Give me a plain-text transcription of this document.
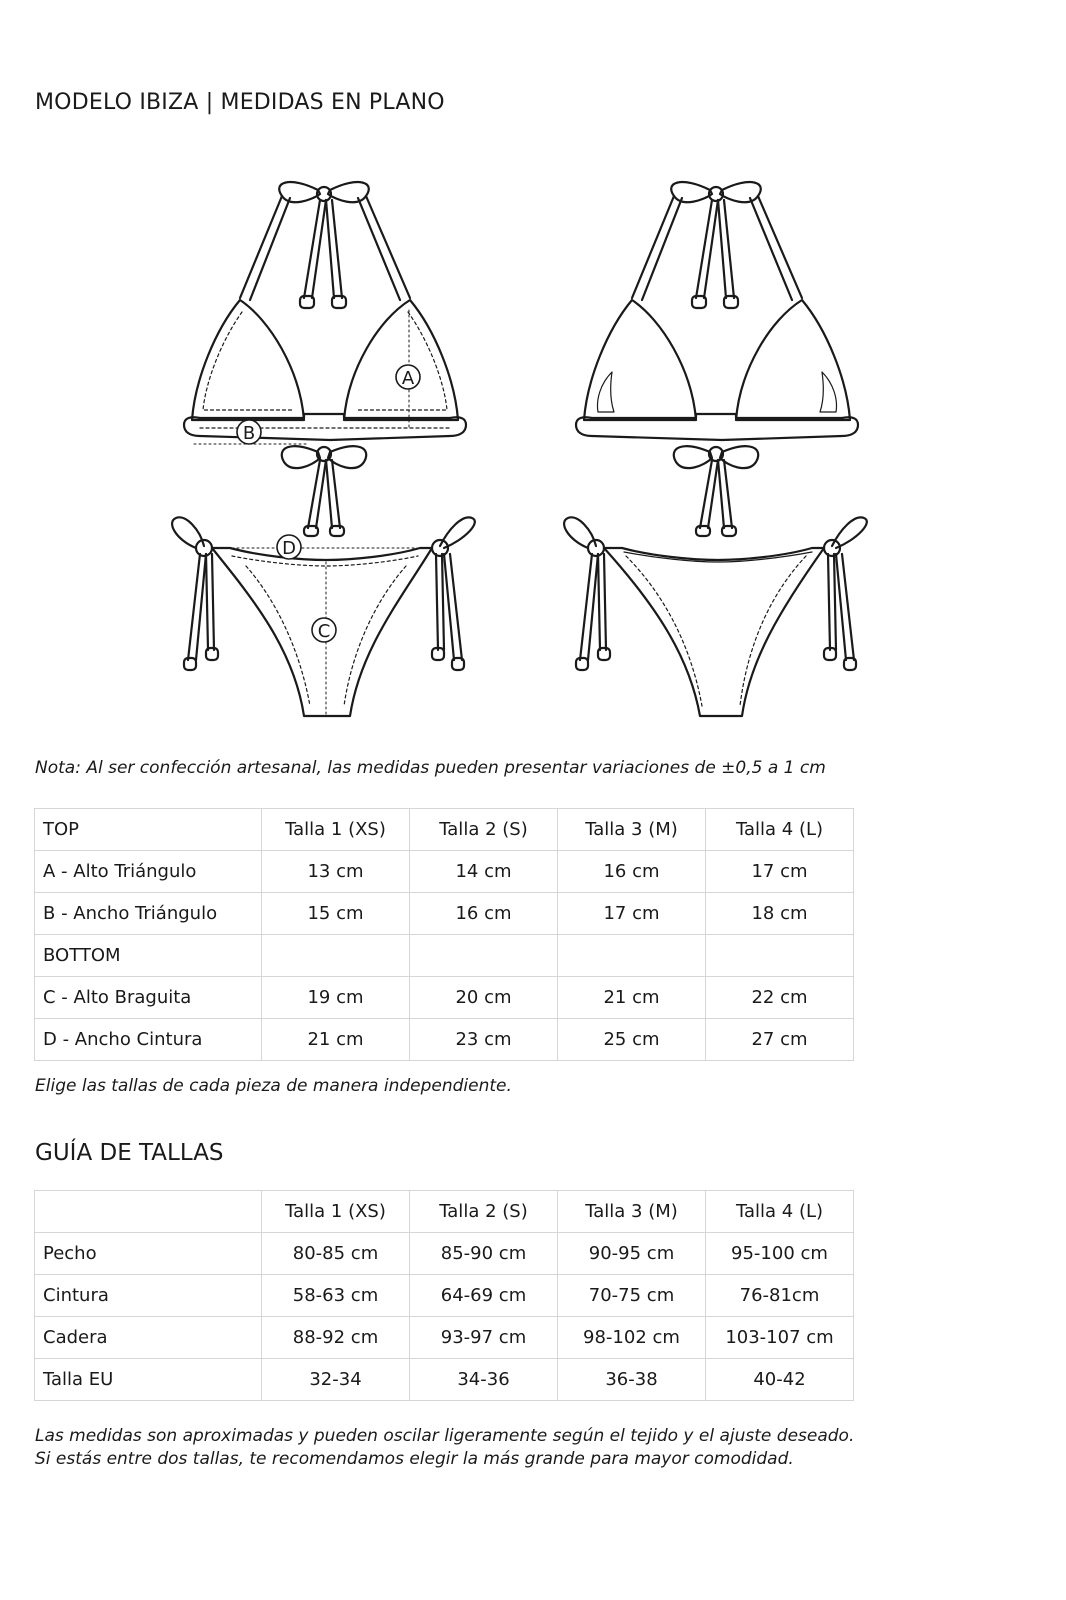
MODELO IBIZA | MEDIDAS EN PLANO
A
B
D
C
Nota: Al ser confección artesanal, las medidas pueden presentar variaciones de ±0,5 a 1 cm
TOP	Talla 1 (XS)	Talla 2 (S)	Talla 3 (M)	Talla 4 (L)
A - Alto Triángulo	13 cm	14 cm	16 cm	17 cm
B - Ancho Triángulo	15 cm	16 cm	17 cm	18 cm
BOTTOM				
C - Alto Braguita	19 cm	20 cm	21 cm	22 cm
D - Ancho Cintura	21 cm	23 cm	25 cm	27 cm
Elige las tallas de cada pieza de manera independiente.
GUÍA DE TALLAS
	Talla 1 (XS)	Talla 2 (S)	Talla 3 (M)	Talla 4 (L)
Pecho	80-85 cm	85-90 cm	90-95 cm	95-100 cm
Cintura	58-63 cm	64-69 cm	70-75 cm	76-81cm
Cadera	88-92 cm	93-97 cm	98-102 cm	103-107 cm
Talla EU	32-34	34-36	36-38	40-42
Las medidas son aproximadas y pueden oscilar ligeramente según el tejido y el ajuste deseado.
Si estás entre dos tallas, te recomendamos elegir la más grande para mayor comodidad.
